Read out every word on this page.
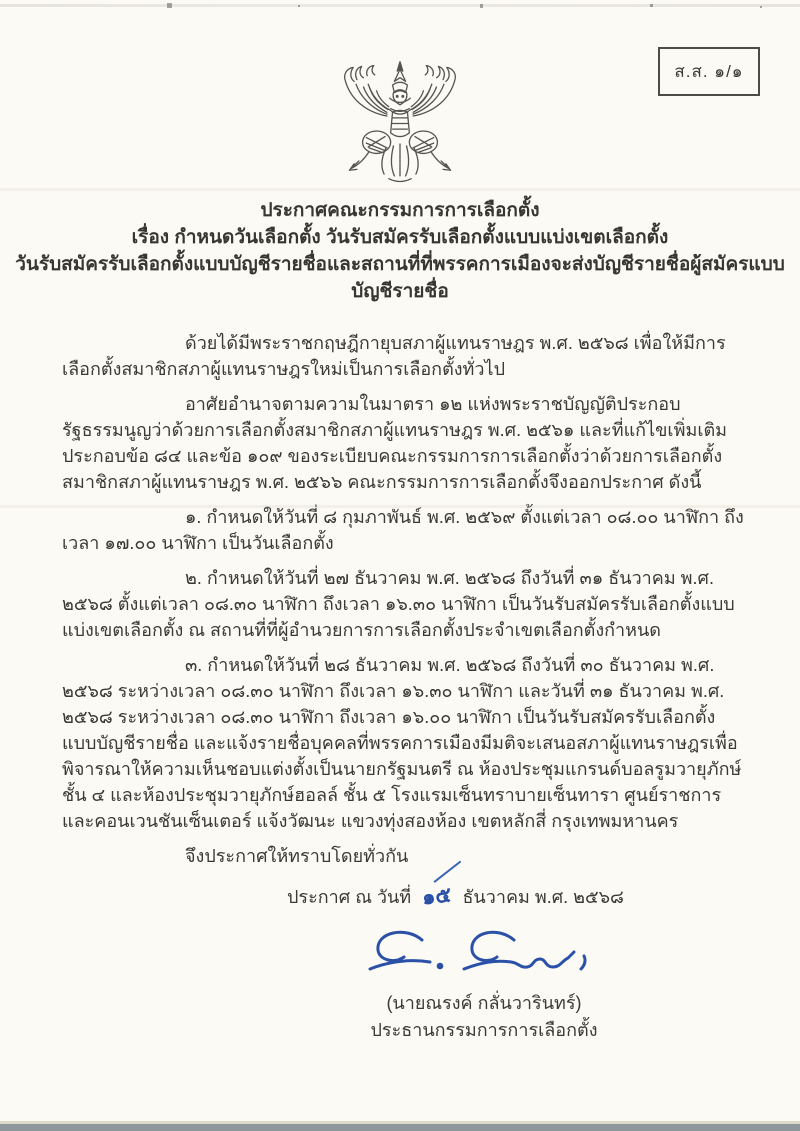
ส.ส. ๑/๑
ประกาศคณะกรรมการการเลือกตั้ง
เรื่อง กำหนดวันเลือกตั้ง วันรับสมัครรับเลือกตั้งแบบแบ่งเขตเลือกตั้ง
วันรับสมัครรับเลือกตั้งแบบบัญชีรายชื่อและสถานที่ที่พรรคการเมืองจะส่งบัญชีรายชื่อผู้สมัครแบบบัญชีรายชื่อ

ด้วยได้มีพระราชกฤษฎีกายุบสภาผู้แทนราษฎร พ.ศ. ๒๕๖๘ เพื่อให้มีการเลือกตั้งสมาชิกสภาผู้แทนราษฎรใหม่เป็นการเลือกตั้งทั่วไป

อาศัยอำนาจตามความในมาตรา ๑๒ แห่งพระราชบัญญัติประกอบรัฐธรรมนูญว่าด้วยการเลือกตั้งสมาชิกสภาผู้แทนราษฎร พ.ศ. ๒๕๖๑ และที่แก้ไขเพิ่มเติม ประกอบข้อ ๘๔ และข้อ ๑๐๙ ของระเบียบคณะกรรมการการเลือกตั้งว่าด้วยการเลือกตั้งสมาชิกสภาผู้แทนราษฎร พ.ศ. ๒๕๖๖ คณะกรรมการการเลือกตั้งจึงออกประกาศ ดังนี้

๑. กำหนดให้วันที่ ๘ กุมภาพันธ์ พ.ศ. ๒๕๖๙ ตั้งแต่เวลา ๐๘.๐๐ นาฬิกา ถึงเวลา ๑๗.๐๐ นาฬิกา เป็นวันเลือกตั้ง

๒. กำหนดให้วันที่ ๒๗ ธันวาคม พ.ศ. ๒๕๖๘ ถึงวันที่ ๓๑ ธันวาคม พ.ศ. ๒๕๖๘ ตั้งแต่เวลา ๐๘.๓๐ นาฬิกา ถึงเวลา ๑๖.๓๐ นาฬิกา เป็นวันรับสมัครรับเลือกตั้งแบบแบ่งเขตเลือกตั้ง ณ สถานที่ที่ผู้อำนวยการการเลือกตั้งประจำเขตเลือกตั้งกำหนด

๓. กำหนดให้วันที่ ๒๘ ธันวาคม พ.ศ. ๒๕๖๘ ถึงวันที่ ๓๐ ธันวาคม พ.ศ. ๒๕๖๘ ระหว่างเวลา ๐๘.๓๐ นาฬิกา ถึงเวลา ๑๖.๓๐ นาฬิกา และวันที่ ๓๑ ธันวาคม พ.ศ. ๒๕๖๘ ระหว่างเวลา ๐๘.๓๐ นาฬิกา ถึงเวลา ๑๖.๐๐ นาฬิกา เป็นวันรับสมัครรับเลือกตั้งแบบบัญชีรายชื่อ และแจ้งรายชื่อบุคคลที่พรรคการเมืองมีมติจะเสนอสภาผู้แทนราษฎรเพื่อพิจารณาให้ความเห็นชอบแต่งตั้งเป็นนายกรัฐมนตรี ณ ห้องประชุมแกรนด์บอลรูมวายุภักษ์ ชั้น ๔ และห้องประชุมวายุภักษ์ฮอลล์ ชั้น ๕ โรงแรมเซ็นทราบายเซ็นทารา ศูนย์ราชการและคอนเวนชันเซ็นเตอร์ แจ้งวัฒนะ แขวงทุ่งสองห้อง เขตหลักสี่ กรุงเทพมหานคร

จึงประกาศให้ทราบโดยทั่วกัน

ประกาศ ณ วันที่ ๑๕ ธันวาคม พ.ศ. ๒๕๖๘
(นายณรงค์ กลั่นวารินทร์)
ประธานกรรมการการเลือกตั้ง
